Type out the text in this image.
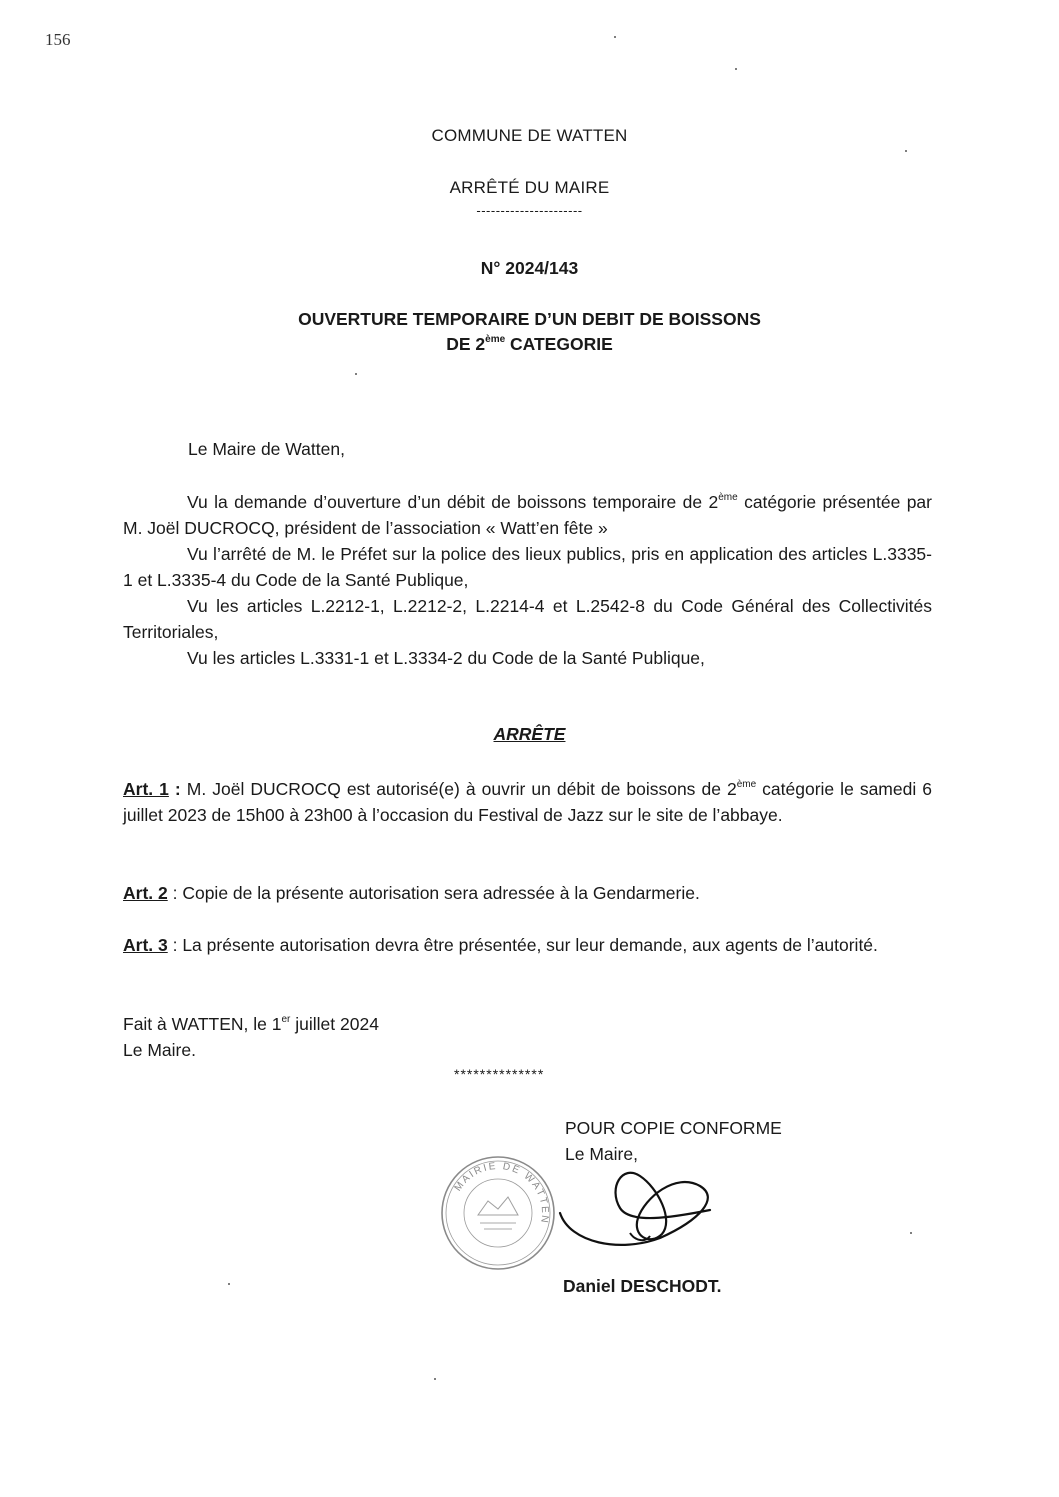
156
COMMUNE DE WATTEN
ARRÊTÉ DU MAIRE
----------------------
N° 2024/143
OUVERTURE TEMPORAIRE D’UN DEBIT DE BOISSONS
DE 2ème CATEGORIE
Le Maire de Watten,
Vu la demande d’ouverture d’un débit de boissons temporaire de 2ème catégorie présentée par M. Joël DUCROCQ, président de l’association « Watt’en fête »
Vu l’arrêté de M. le Préfet sur la police des lieux publics, pris en application des articles L.3335-1 et L.3335-4 du Code de la Santé Publique,
Vu les articles L.2212-1, L.2212-2, L.2214-4 et L.2542-8 du Code Général des Collectivités Territoriales,
Vu les articles L.3331-1 et L.3334-2 du Code de la Santé Publique,
ARRÊTE
Art. 1 : M. Joël DUCROCQ est autorisé(e) à ouvrir un débit de boissons de 2ème catégorie le samedi 6 juillet 2023 de 15h00 à 23h00 à l’occasion du Festival de Jazz sur le site de l’abbaye.
Art. 2 : Copie de la présente autorisation sera adressée à la Gendarmerie.
Art. 3 : La présente autorisation devra être présentée, sur leur demande, aux agents de l’autorité.
Fait à WATTEN, le 1er juillet 2024
Le Maire.
**************
POUR COPIE CONFORME
Le Maire,
MAIRIE DE WATTEN
Daniel DESCHODT.
